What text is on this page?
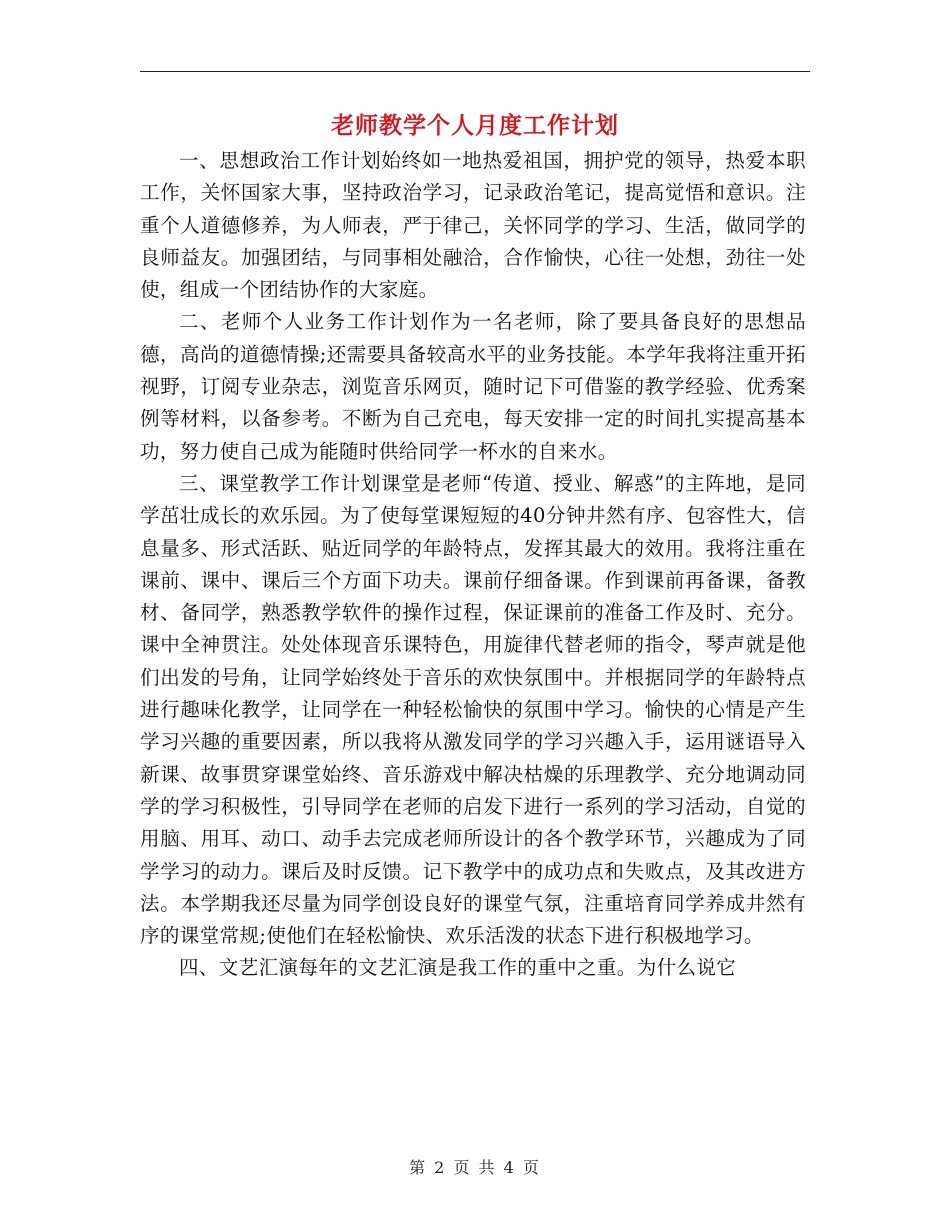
老师教学个人月度工作计划

一、思想政治工作计划始终如一地热爱祖国，拥护党的领导，热爱本职工作，关怀国家大事，坚持政治学习，记录政治笔记，提高觉悟和意识。注重个人道德修养，为人师表，严于律己，关怀同学的学习、生活，做同学的良师益友。加强团结，与同事相处融洽，合作愉快，心往一处想，劲往一处使，组成一个团结协作的大家庭。

二、老师个人业务工作计划作为一名老师，除了要具备良好的思想品德，高尚的道德情操;还需要具备较高水平的业务技能。本学年我将注重开拓视野，订阅专业杂志，浏览音乐网页，随时记下可借鉴的教学经验、优秀案例等材料，以备参考。不断为自己充电，每天安排一定的时间扎实提高基本功，努力使自己成为能随时供给同学一杯水的自来水。

三、课堂教学工作计划课堂是老师“传道、授业、解惑”的主阵地，是同学茁壮成长的欢乐园。为了使每堂课短短的40分钟井然有序、包容性大，信息量多、形式活跃、贴近同学的年龄特点，发挥其最大的效用。我将注重在课前、课中、课后三个方面下功夫。课前仔细备课。作到课前再备课，备教材、备同学，熟悉教学软件的操作过程，保证课前的准备工作及时、充分。课中全神贯注。处处体现音乐课特色，用旋律代替老师的指令，琴声就是他们出发的号角，让同学始终处于音乐的欢快氛围中。并根据同学的年龄特点进行趣味化教学，让同学在一种轻松愉快的氛围中学习。愉快的心情是产生学习兴趣的重要因素，所以我将从激发同学的学习兴趣入手，运用谜语导入新课、故事贯穿课堂始终、音乐游戏中解决枯燥的乐理教学、充分地调动同学的学习积极性，引导同学在老师的启发下进行一系列的学习活动，自觉的用脑、用耳、动口、动手去完成老师所设计的各个教学环节，兴趣成为了同学学习的动力。课后及时反馈。记下教学中的成功点和失败点，及其改进方法。本学期我还尽量为同学创设良好的课堂气氛，注重培育同学养成井然有序的课堂常规;使他们在轻松愉快、欢乐活泼的状态下进行积极地学习。

四、文艺汇演每年的文艺汇演是我工作的重中之重。为什么说它

第 2 页 共 4 页
